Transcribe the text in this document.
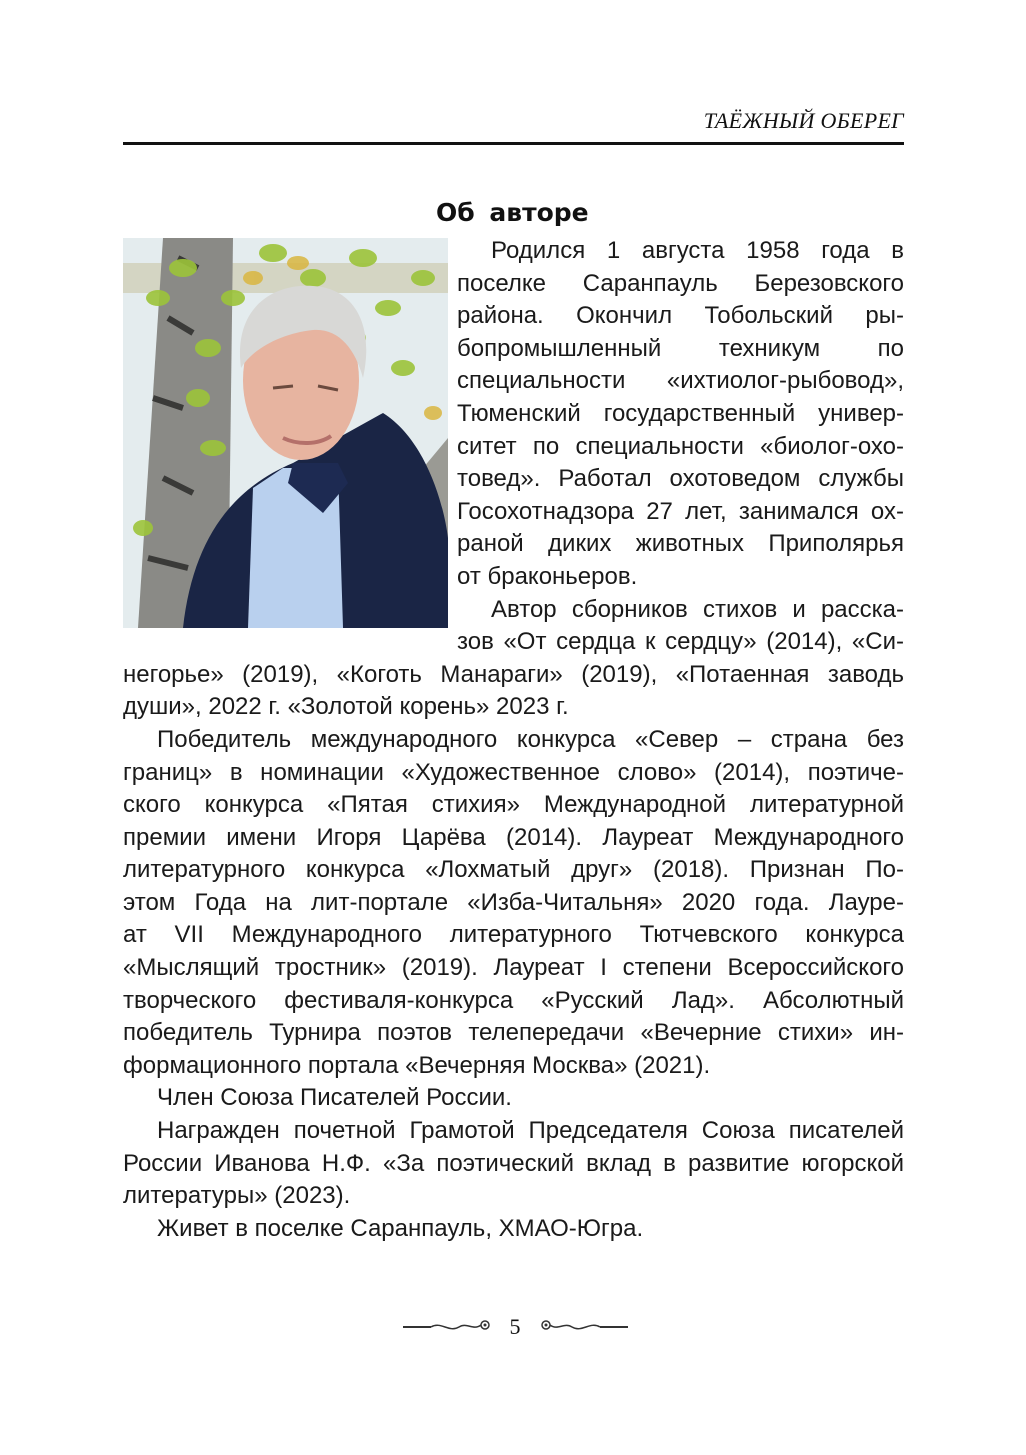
ТАЁЖНЫЙ ОБЕРЕГ
Об автоpe
Родился 1 августа 1958 года в
поселке Саранпауль Березовского
района. Окончил Тобольский ры-
бопромышленный техникум по
специальности «ихтиолог-рыбовод»,
Тюменский государственный универ-
ситет по специальности «биолог-охо-
товед». Работал охотоведом службы
Госохотнадзора 27 лет, занимался ох-
раной диких животных Приполярья
от браконьеров.
Автор сборников стихов и расска-
зов «От сердца к сердцу» (2014), «Си-
негорье» (2019), «Коготь Манараги» (2019), «Потаенная заводь
души», 2022 г. «Золотой корень» 2023 г.
Победитель международного конкурса «Север – страна без
границ» в номинации «Художественное слово» (2014), поэтиче-
ского конкурса «Пятая стихия» Международной литературной
премии имени Игоря Царёва (2014). Лауреат Международного
литературного конкурса «Лохматый друг» (2018). Признан По-
этом Года на лит-портале «Изба-Читальня» 2020 года. Лауре-
ат VII Международного литературного Тютчевского конкурса
«Мыслящий тростник» (2019). Лауреат I степени Всероссийского
творческого фестиваля-конкурса «Русский Лад». Абсолютный
победитель Турнира поэтов телепередачи «Вечерние стихи» ин-
формационного портала «Вечерняя Москва» (2021).
Член Союза Писателей России.
Награжден почетной Грамотой Председателя Союза писателей
России Иванова Н.Ф. «За поэтический вклад в развитие югорской
литературы» (2023).
Живет в поселке Саранпауль, ХМАО-Югра.
5
